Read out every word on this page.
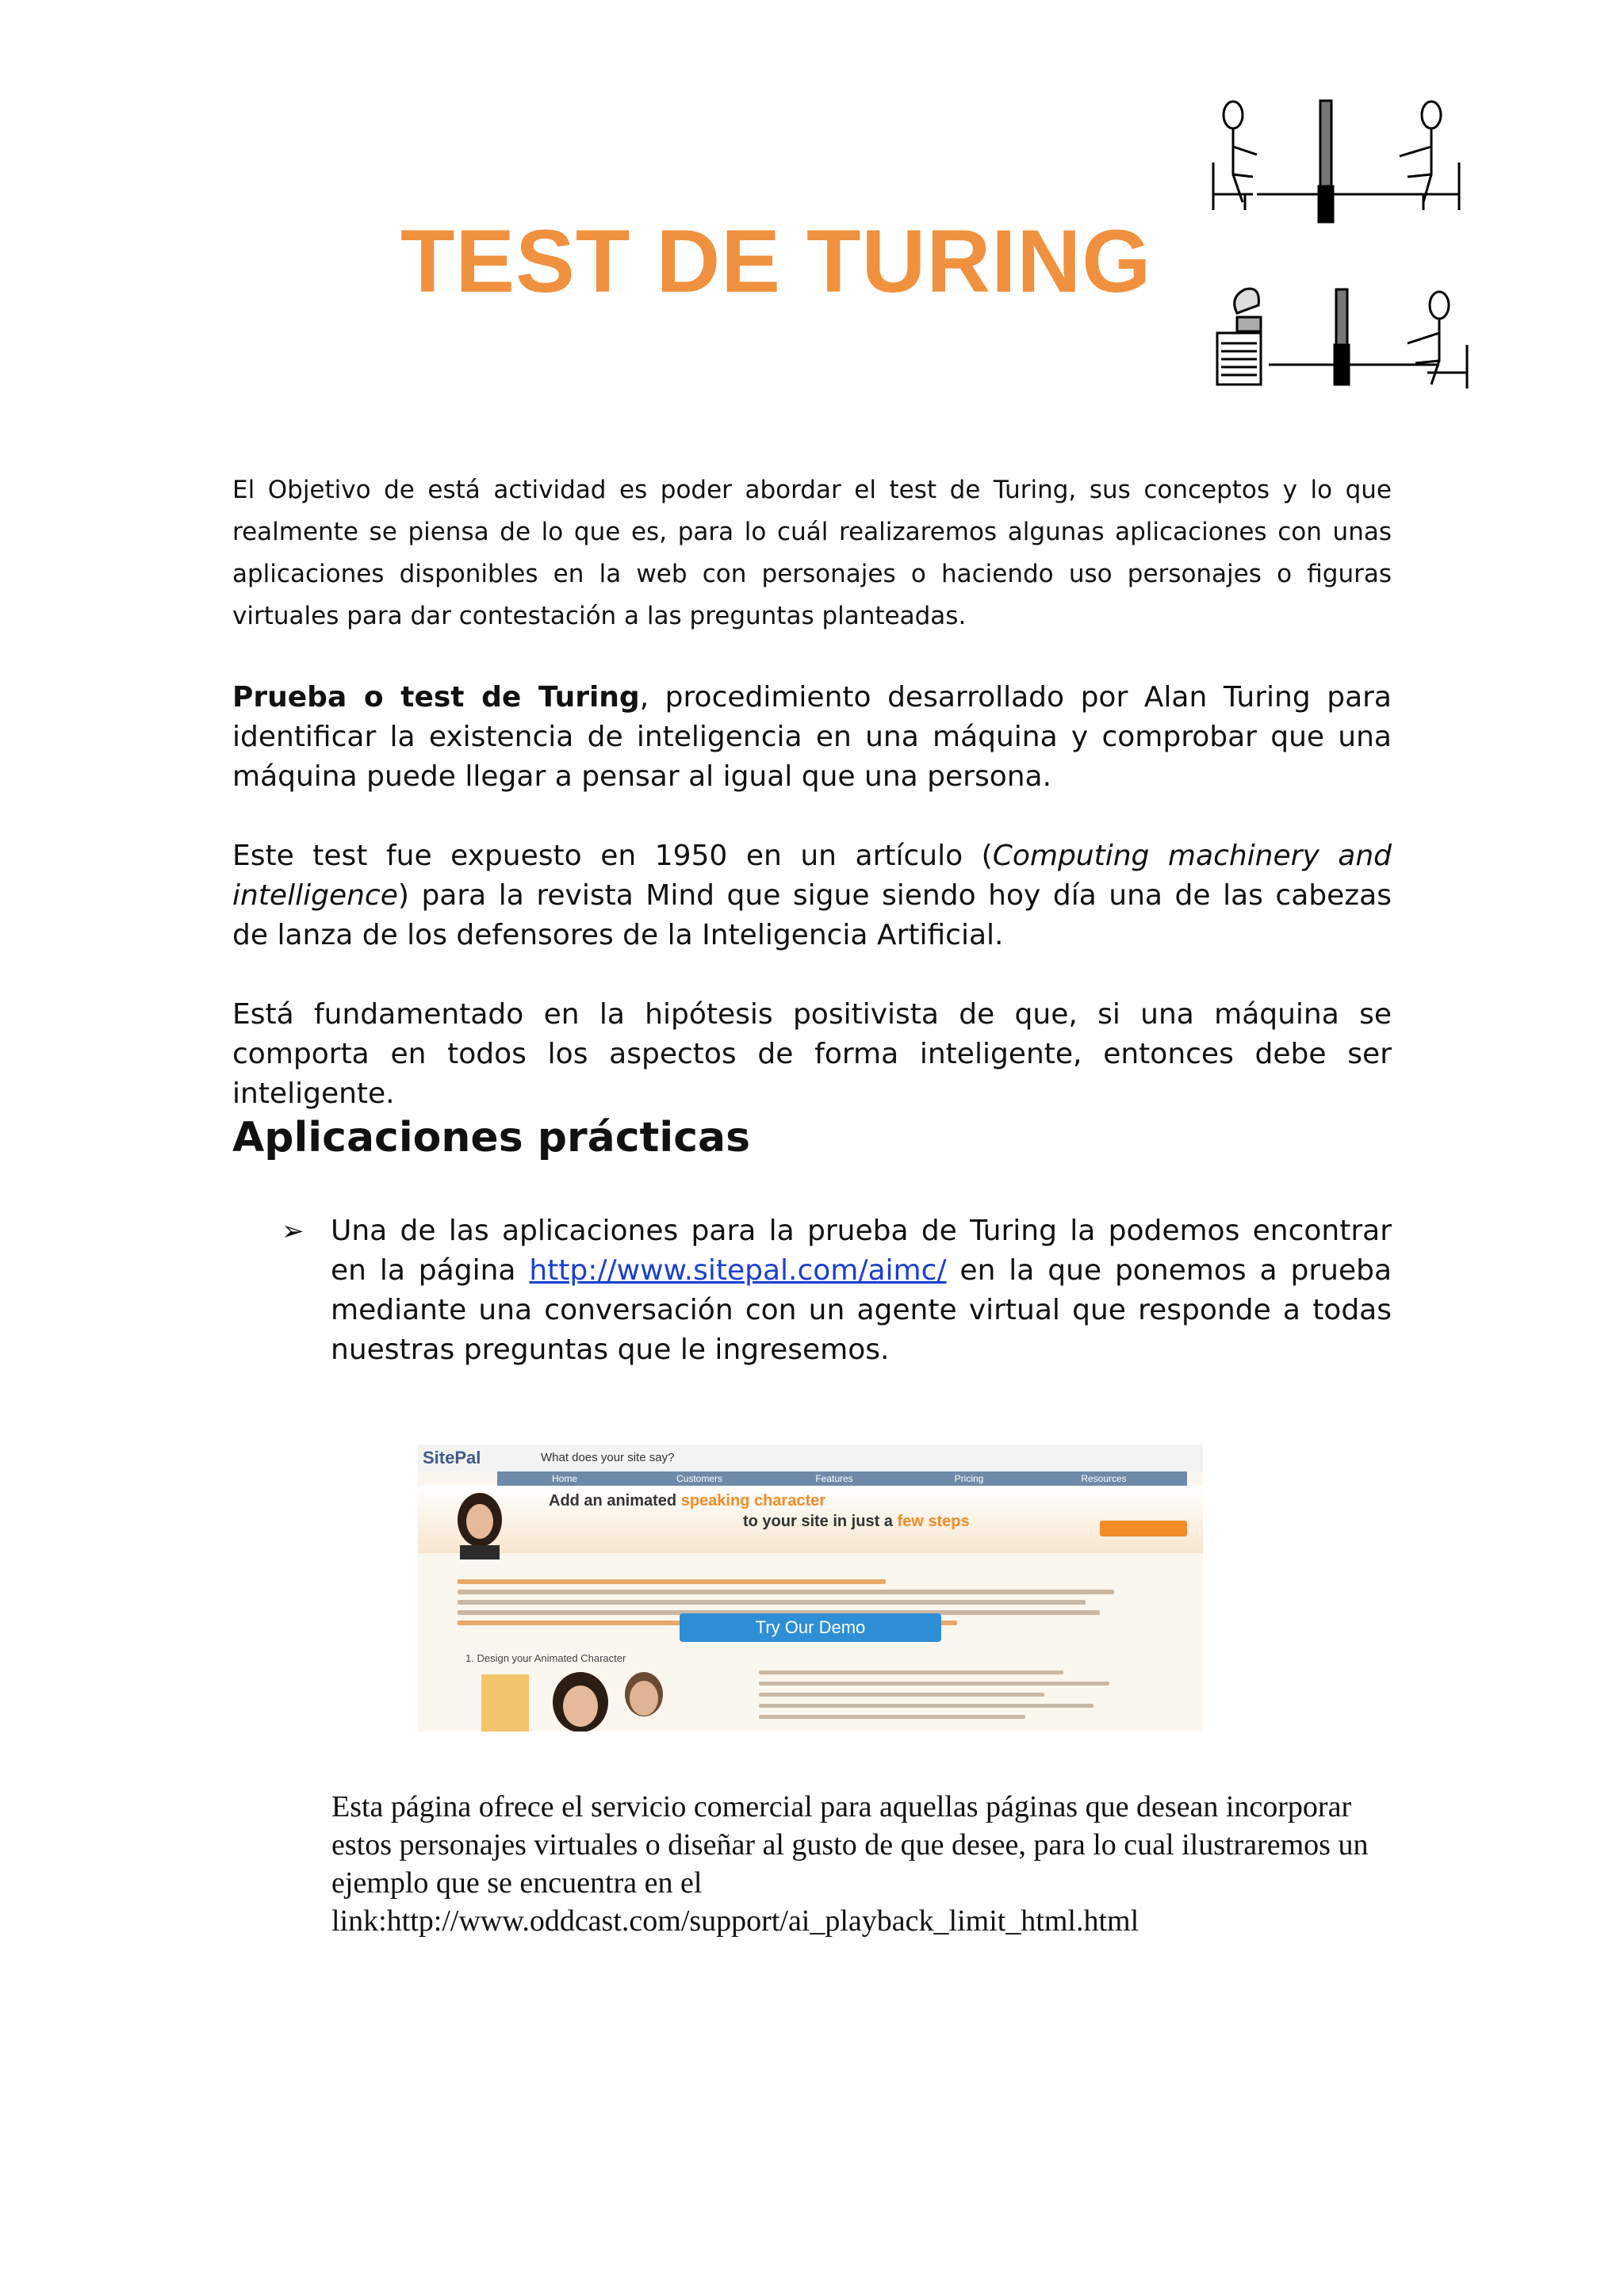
TEST DE TURING
El Objetivo de está actividad es poder abordar el test de Turing, sus conceptos y lo que realmente se piensa de lo que es, para lo cuál realizaremos algunas aplicaciones con unas aplicaciones disponibles en la web con personajes o haciendo uso personajes o figuras virtuales para dar contestación a las preguntas planteadas.
Prueba o test de Turing, procedimiento desarrollado por Alan Turing para identificar la existencia de inteligencia en una máquina y comprobar que una máquina puede llegar a pensar al igual que una persona.
Este test fue expuesto en 1950 en un artículo (Computing machinery and intelligence) para la revista Mind que sigue siendo hoy día una de las cabezas de lanza de los defensores de la Inteligencia Artificial.
Está fundamentado en la hipótesis positivista de que, si una máquina se comporta en todos los aspectos de forma inteligente, entonces debe ser inteligente.
Aplicaciones prácticas
➢ Una de las aplicaciones para la prueba de Turing la podemos encontrar en la página http://www.sitepal.com/aimc/ en la que ponemos a prueba mediante una conversación con un agente virtual que responde a todas nuestras preguntas que le ingresemos.
SitePal	What does your site say?
Home	Customers	Features	Pricing	Resources
Add an animated speaking character
to your site in just a few steps
Try Our Demo
1. Design your Animated Character
Esta página ofrece el servicio comercial para aquellas páginas que desean incorporar estos personajes virtuales o diseñar al gusto de que desee, para lo cual ilustraremos un ejemplo que se encuentra en el link:http://www.oddcast.com/support/ai_playback_limit_html.html
